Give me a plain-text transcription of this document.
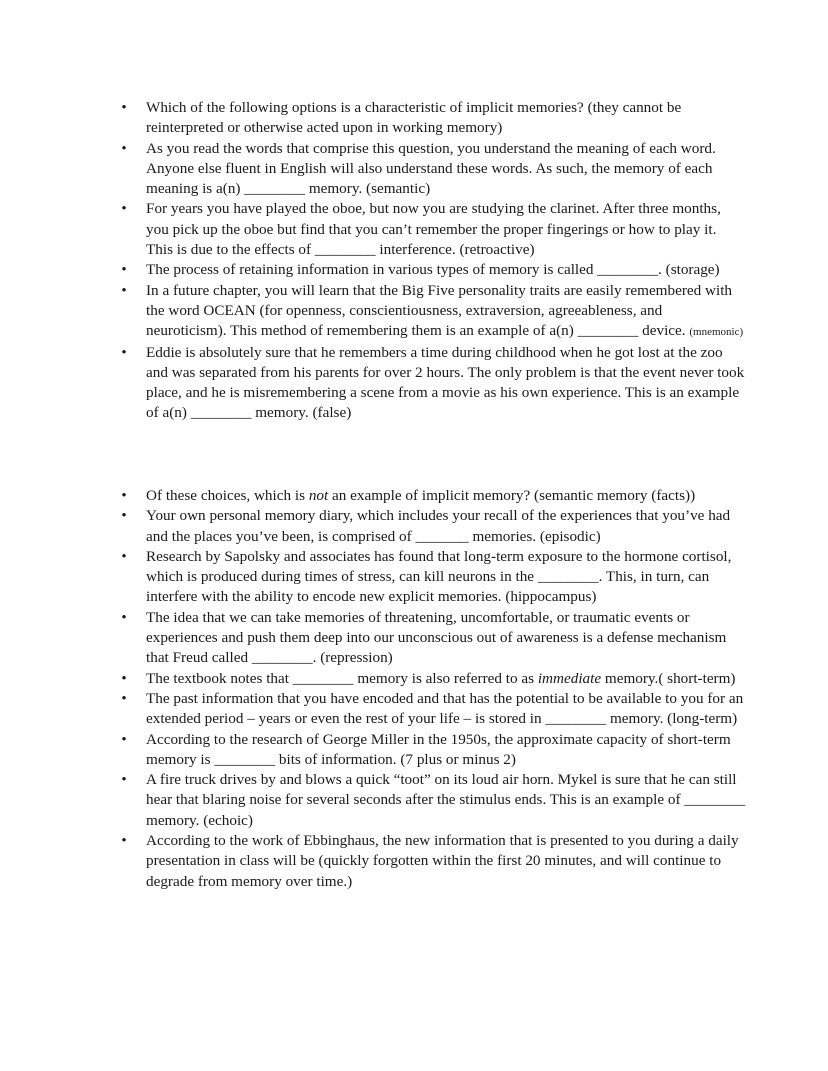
• Which of the following options is a characteristic of implicit memories? (they cannot be reinterpreted or otherwise acted upon in working memory)
• As you read the words that comprise this question, you understand the meaning of each word. Anyone else fluent in English will also understand these words. As such, the memory of each meaning is a(n) ________ memory. (semantic)
• For years you have played the oboe, but now you are studying the clarinet. After three months, you pick up the oboe but find that you can’t remember the proper fingerings or how to play it. This is due to the effects of ________ interference. (retroactive)
• The process of retaining information in various types of memory is called ________. (storage)
• In a future chapter, you will learn that the Big Five personality traits are easily remembered with the word OCEAN (for openness, conscientiousness, extraversion, agreeableness, and neuroticism). This method of remembering them is an example of a(n) ________ device. (mnemonic)
• Eddie is absolutely sure that he remembers a time during childhood when he got lost at the zoo and was separated from his parents for over 2 hours. The only problem is that the event never took place, and he is misremembering a scene from a movie as his own experience. This is an example of a(n) ________ memory. (false)
• Of these choices, which is not an example of implicit memory? (semantic memory (facts))
• Your own personal memory diary, which includes your recall of the experiences that you’ve had and the places you’ve been, is comprised of _______ memories. (episodic)
• Research by Sapolsky and associates has found that long-term exposure to the hormone cortisol, which is produced during times of stress, can kill neurons in the ________. This, in turn, can interfere with the ability to encode new explicit memories. (hippocampus)
• The idea that we can take memories of threatening, uncomfortable, or traumatic events or experiences and push them deep into our unconscious out of awareness is a defense mechanism that Freud called ________. (repression)
• The textbook notes that ________ memory is also referred to as immediate memory.( short-term)
• The past information that you have encoded and that has the potential to be available to you for an extended period – years or even the rest of your life – is stored in ________ memory. (long-term)
• According to the research of George Miller in the 1950s, the approximate capacity of short-term memory is ________ bits of information. (7 plus or minus 2)
• A fire truck drives by and blows a quick “toot” on its loud air horn. Mykel is sure that he can still hear that blaring noise for several seconds after the stimulus ends. This is an example of ________ memory. (echoic)
• According to the work of Ebbinghaus, the new information that is presented to you during a daily presentation in class will be (quickly forgotten within the first 20 minutes, and will continue to degrade from memory over time.)
